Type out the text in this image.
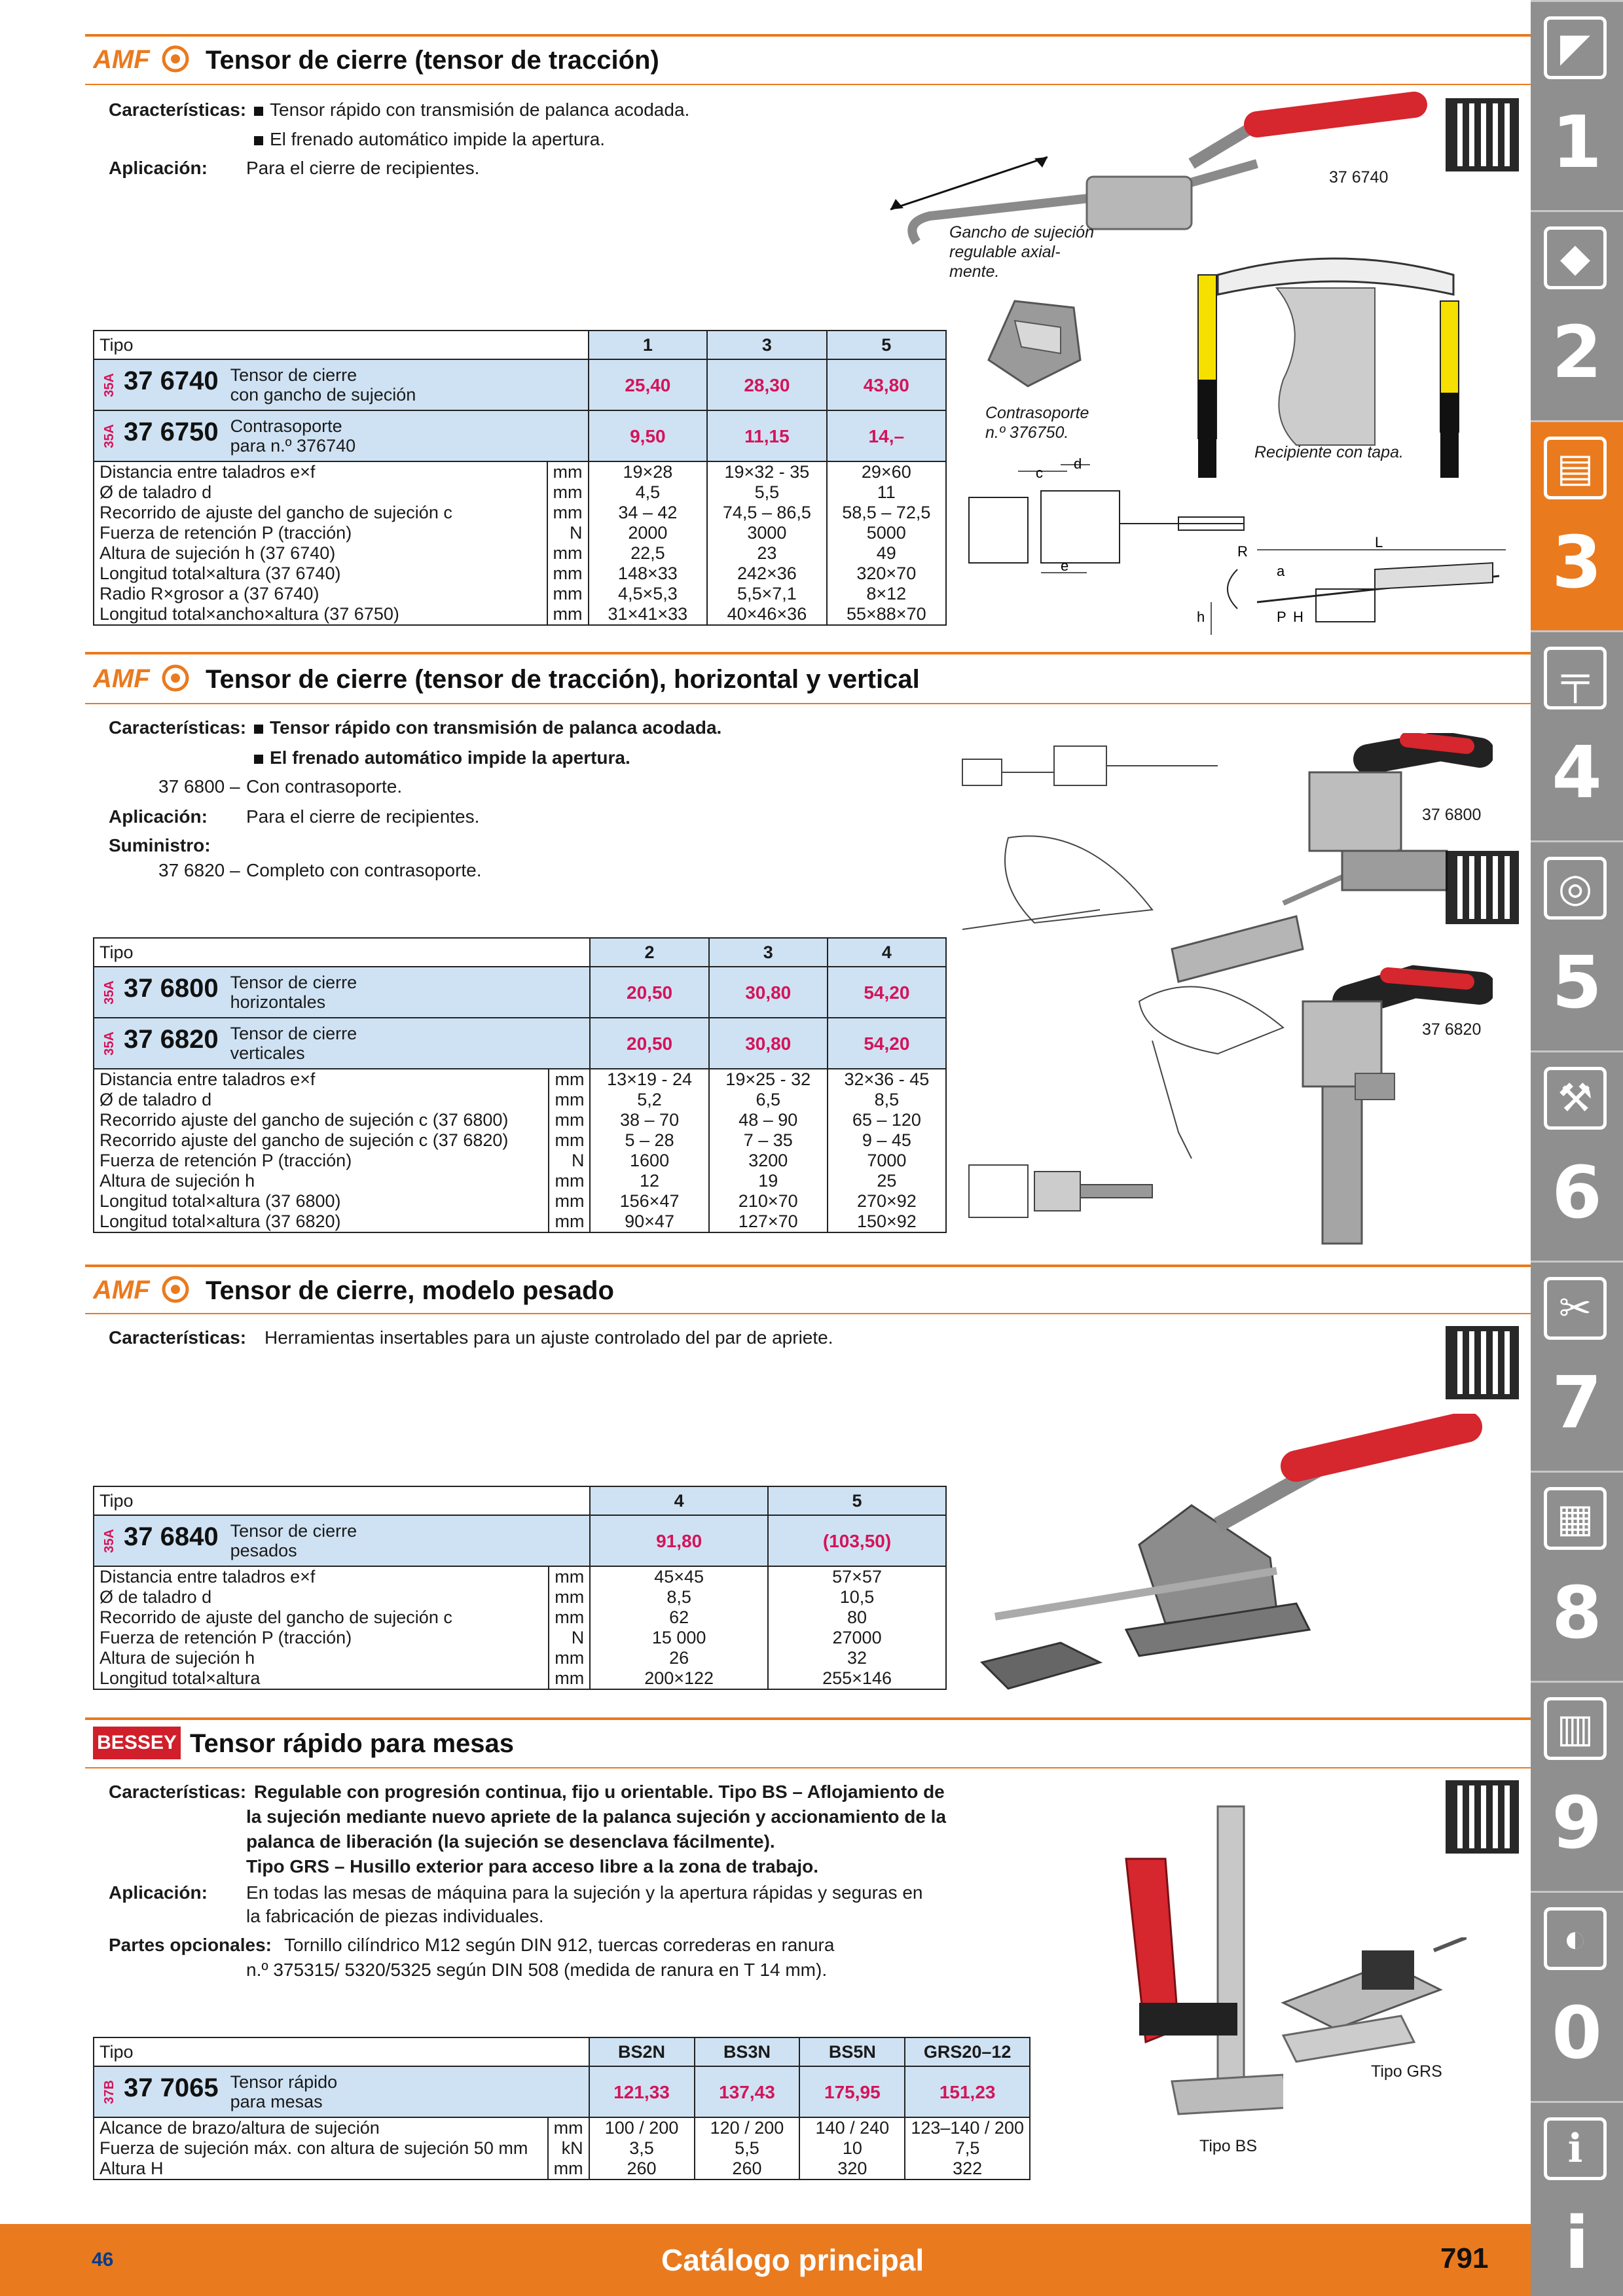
◤
1
◆
2
▤
3
╤
4
◎
5
⚒
6
✂
7
▦
8
▥
9
◐
0
ℹ
i
AMF Tensor de cierre (tensor de tracción)
Características:	Tensor rápido con transmisión de palanca acodada.
El frenado automático impide la apertura.
Aplicación: Para el cierre de recipientes.	37 6740
Gancho de sujeción
regulable axial-
mente.
Contrasoporte
n.º 376750.
Recipiente con tapa.
c
d
e
L
h
a
R
P H
Tipo		1	3	5
35A 37 6740 Tensor de cierre
con gancho de sujeción		25,40	28,30	43,80
35A 37 6750 Contrasoporte
para n.º 376740		9,50	11,15	14,–
Distancia entre taladros e×f	mm	19×28	19×32 - 35	29×60
Ø de taladro d	mm	4,5	5,5	11
Recorrido de ajuste del gancho de sujeción c	mm	34 – 42	74,5 – 86,5	58,5 – 72,5
Fuerza de retención P (tracción)	N	2000	3000	5000
Altura de sujeción h (37 6740)	mm	22,5	23	49
Longitud total×altura (37 6740)	mm	148×33	242×36	320×70
Radio R×grosor a (37 6740)	mm	4,5×5,3	5,5×7,1	8×12
Longitud total×ancho×altura (37 6750)	mm	31×41×33	40×46×36	55×88×70
AMF Tensor de cierre (tensor de tracción), horizontal y vertical
Características:	Tensor rápido con transmisión de palanca acodada.
El frenado automático impide la apertura.
37 6800 – Con contrasoporte.
Aplicación: Para el cierre de recipientes.
Suministro:
37 6820 – Completo con contrasoporte.
37 6800
37 6820
Tipo		2	3	4
35A 37 6800 Tensor de cierre
horizontales		20,50	30,80	54,20
35A 37 6820 Tensor de cierre
verticales		20,50	30,80	54,20
Distancia entre taladros e×f	mm	13×19 - 24	19×25 - 32	32×36 - 45
Ø de taladro d	mm	5,2	6,5	8,5
Recorrido ajuste del gancho de sujeción c (37 6800)	mm	38 – 70	48 – 90	65 – 120
Recorrido ajuste del gancho de sujeción c (37 6820)	mm	5 – 28	7 – 35	9 – 45
Fuerza de retención P (tracción)	N	1600	3200	7000
Altura de sujeción h	mm	12	19	25
Longitud total×altura (37 6800)	mm	156×47	210×70	270×92
Longitud total×altura (37 6820)	mm	90×47	127×70	150×92
AMF Tensor de cierre, modelo pesado
Características: Herramientas insertables para un ajuste controlado del par de apriete.
Tipo		4	5
35A 37 6840 Tensor de cierre
pesados		91,80	(103,50)
Distancia entre taladros e×f	mm	45×45	57×57
Ø de taladro d	mm	8,5	10,5
Recorrido de ajuste del gancho de sujeción c	mm	62	80
Fuerza de retención P (tracción)	N	15 000	27000
Altura de sujeción h	mm	26	32
Longitud total×altura	mm	200×122	255×146
BESSEY Tensor rápido para mesas
Características: Regulable con progresión continua, fijo u orientable. Tipo BS – Aflojamiento de
la sujeción mediante nuevo apriete de la palanca sujeción y accionamiento de la
palanca de liberación (la sujeción se desenclava fácilmente).
Tipo GRS – Husillo exterior para acceso libre a la zona de trabajo.
Aplicación: En todas las mesas de máquina para la sujeción y la apertura rápidas y seguras en
la fabricación de piezas individuales.
Partes opcionales: Tornillo cilíndrico M12 según DIN 912, tuercas correderas en ranura
n.º 375315/ 5320/5325 según DIN 508 (medida de ranura en T 14 mm).
Tipo BS
Tipo GRS
Tipo		BS2N	BS3N	BS5N	GRS20–12
37B 37 7065 Tensor rápido
para mesas		121,33	137,43	175,95	151,23
Alcance de brazo/altura de sujeción	mm	100 / 200	120 / 200	140 / 240	123–140 / 200
Fuerza de sujeción máx. con altura de sujeción 50 mm	kN	3,5	5,5	10	7,5
Altura H	mm	260	260	320	322
46	Catálogo principal	791
